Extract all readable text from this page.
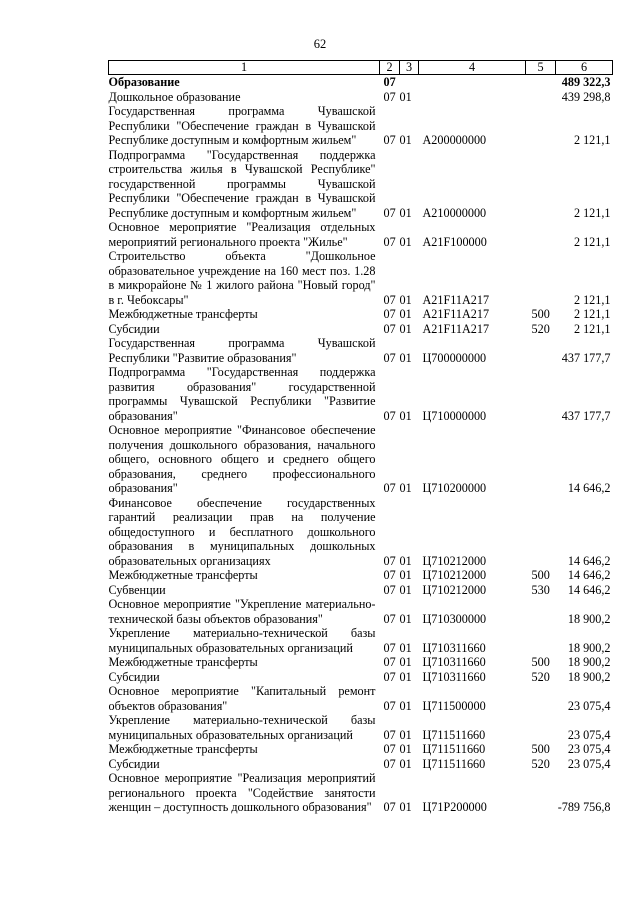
62
1	2	3	4	5	6
Образование	07				489 322,3
Дошкольное образование	07	01			439 298,8
Государственная программа Чувашской Республики "Обеспечение граждан в Чувашской Республике доступным и комфортным жильем"	07	01	А200000000		2 121,1
Подпрограмма "Государственная поддержка строительства жилья в Чувашской Республике" государственной программы Чувашской Республики "Обеспечение граждан в Чувашской Республике доступным и комфортным жильем"	07	01	А210000000		2 121,1
Основное мероприятие "Реализация отдельных мероприятий регионального проекта "Жилье"	07	01	А21F100000		2 121,1
Строительство объекта "Дошкольное образовательное учреждение на 160 мест поз. 1.28 в микрорайоне № 1 жилого района "Новый город" в г. Чебоксары"	07	01	А21F11А217		2 121,1
Межбюджетные трансферты	07	01	А21F11А217	500	2 121,1
Субсидии	07	01	А21F11А217	520	2 121,1
Государственная программа Чувашской Республики "Развитие образования"	07	01	Ц700000000		437 177,7
Подпрограмма "Государственная поддержка развития образования" государственной программы Чувашской Республики "Развитие образования"	07	01	Ц710000000		437 177,7
Основное мероприятие "Финансовое обеспечение получения дошкольного образования, начального общего, основного общего и среднего общего образования, среднего профессионального образования"	07	01	Ц710200000		14 646,2
Финансовое обеспечение государственных гарантий реализации прав на получение общедоступного и бесплатного дошкольного образования в муниципальных дошкольных образовательных организациях	07	01	Ц710212000		14 646,2
Межбюджетные трансферты	07	01	Ц710212000	500	14 646,2
Субвенции	07	01	Ц710212000	530	14 646,2
Основное мероприятие "Укрепление материально-технической базы объектов образования"	07	01	Ц710300000		18 900,2
Укрепление материально-технической базы муниципальных образовательных организаций	07	01	Ц710311660		18 900,2
Межбюджетные трансферты	07	01	Ц710311660	500	18 900,2
Субсидии	07	01	Ц710311660	520	18 900,2
Основное мероприятие "Капитальный ремонт объектов образования"	07	01	Ц711500000		23 075,4
Укрепление материально-технической базы муниципальных образовательных организаций	07	01	Ц711511660		23 075,4
Межбюджетные трансферты	07	01	Ц711511660	500	23 075,4
Субсидии	07	01	Ц711511660	520	23 075,4
Основное мероприятие "Реализация мероприятий регионального проекта "Содействие занятости женщин – доступность дошкольного образования"	07	01	Ц71Р200000		-789 756,8
